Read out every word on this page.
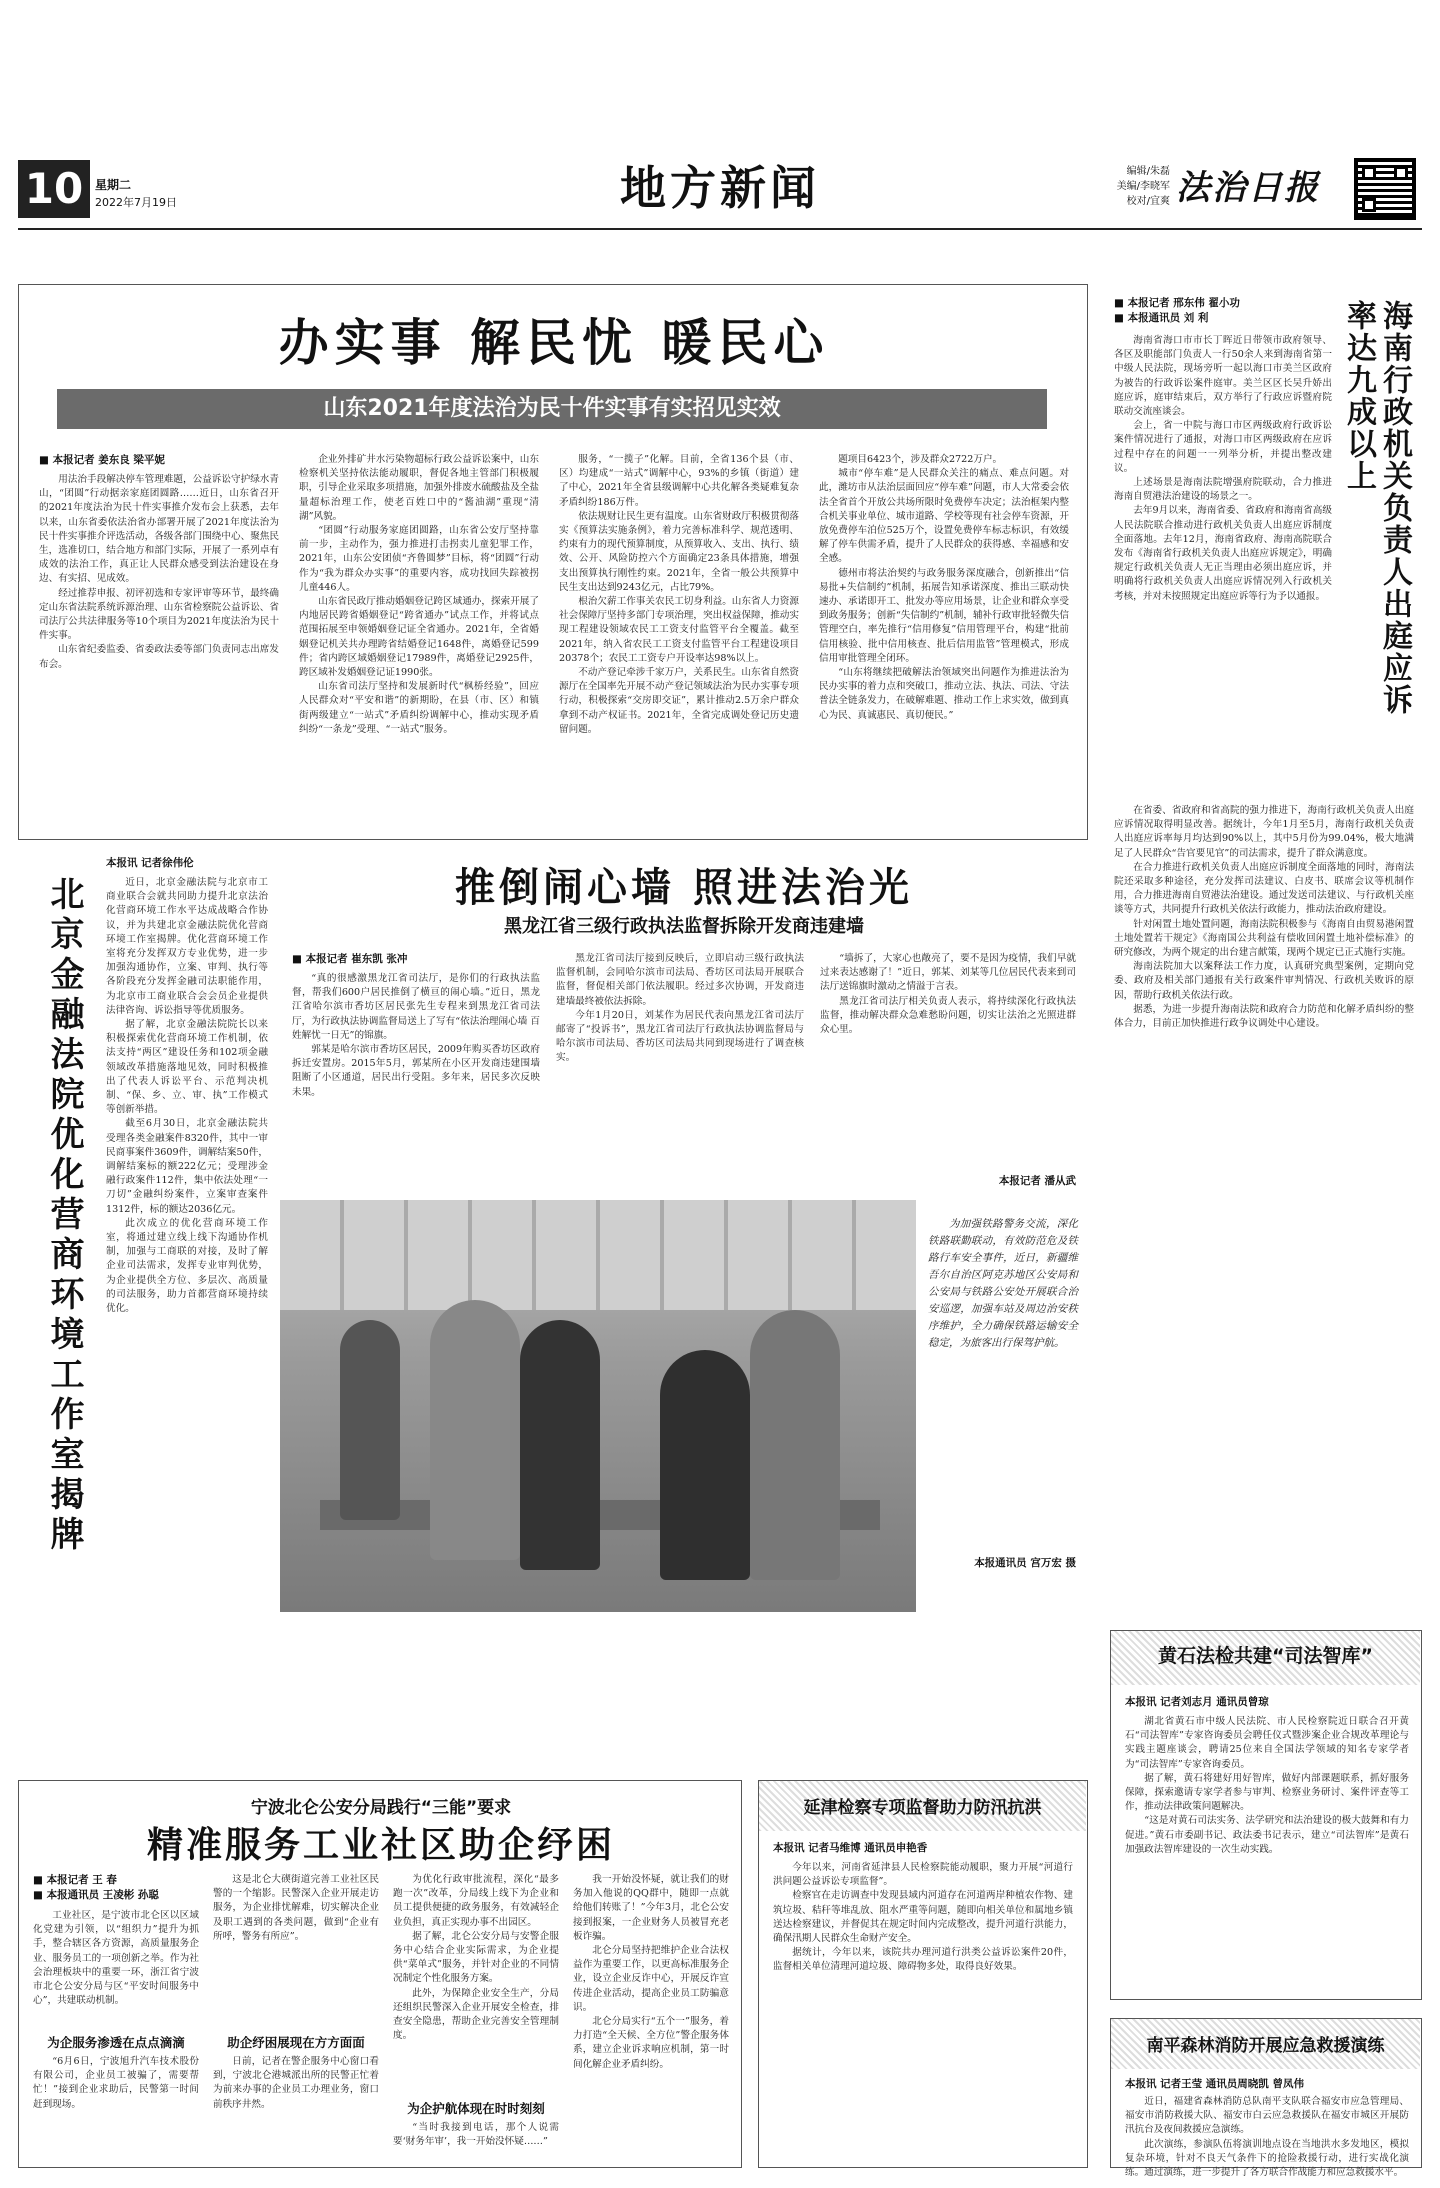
10 星期二
2022年7月19日	地方新闻	编辑/朱磊
美编/李晓军
校对/宜爽 法治日报
办实事 解民忧 暖民心
山东2021年度法治为民十件实事有实招见实效
■ 本报记者 姜东良 梁平妮

用法治手段解决停车管理难题，公益诉讼守护绿水青山，“团圆”行动据亲家庭团圆路……近日，山东省召开的2021年度法治为民十件实事推介发布会上获悉，去年以来，山东省委依法治省办部署开展了2021年度法治为民十件实事推介评选活动，各级各部门围绕中心、聚焦民生，选准切口，结合地方和部门实际，开展了一系列卓有成效的法治工作，真正让人民群众感受到法治建设在身边、有实招、见成效。

经过推荐申报、初评初选和专家评审等环节，最终确定山东省法院系统诉源治理、山东省检察院公益诉讼、省司法厅公共法律服务等10个项目为2021年度法治为民十件实事。

山东省纪委监委、省委政法委等部门负责同志出席发布会。

企业外排矿井水污染物超标行政公益诉讼案中，山东检察机关坚持依法能动履职，督促各地主管部门积极履职，引导企业采取多项措施，加强外排废水硫酸盐及全盐量超标治理工作，使老百姓口中的“酱油湖”重现“清湖”风貌。

“团圆”行动服务家庭团圆路，山东省公安厅坚持靠前一步，主动作为，强力推进打击拐卖儿童犯罪工作，2021年，山东公安团侦“齐鲁圆梦”目标，将“团圆”行动作为“我为群众办实事”的重要内容，成功找回失踪被拐儿童446人。

山东省民政厅推动婚姻登记跨区域通办，探索开展了内地居民跨省婚姻登记“跨省通办”试点工作，并将试点范围拓展至申领婚姻登记证全省通办。2021年，全省婚姻登记机关共办理跨省结婚登记1648件，离婚登记599件；省内跨区域婚姻登记17989件，离婚登记2925件，跨区域补发婚姻登记证1990张。

山东省司法厅坚持和发展新时代“枫桥经验”，回应人民群众对“平安和谐”的新期盼，在县（市、区）和镇街两级建立“一站式”矛盾纠纷调解中心，推动实现矛盾纠纷“一条龙”受理、“一站式”服务。

服务，“一揽子”化解。目前，全省136个县（市、区）均建成“一站式”调解中心，93%的乡镇（街道）建了中心，2021年全省县级调解中心共化解各类疑难复杂矛盾纠纷186万件。

依法规财让民生更有温度。山东省财政厅积极贯彻落实《预算法实施条例》，着力完善标准科学、规范透明、约束有力的现代预算制度，从预算收入、支出、执行、绩效、公开、风险防控六个方面确定23条具体措施，增强支出预算执行刚性约束。2021年，全省一般公共预算中民生支出达到9243亿元，占比79%。

根治欠薪工作事关农民工切身利益。山东省人力资源社会保障厅坚持多部门专项治理，突出权益保障，推动实现工程建设领域农民工工资支付监管平台全覆盖。截至2021年，纳入省农民工工资支付监管平台工程建设项目20378个；农民工工资专户开设率达98%以上。

不动产登记牵涉千家万户，关系民生。山东省自然资源厅在全国率先开展不动产登记领域法治为民办实事专项行动，积极探索“交房即交证”，累计推动2.5万余户群众拿到不动产权证书。2021年，全省完成调处登记历史遗留问题。

题项目6423个，涉及群众2722万户。

城市“停车难”是人民群众关注的痛点、难点问题。对此，潍坊市从法治层面回应“停车难”问题，市人大常委会依法全省首个开放公共场所限时免费停车决定；法治框架内整合机关事业单位、城市道路、学校等现有社会停车资源，开放免费停车泊位525万个，设置免费停车标志标识，有效缓解了停车供需矛盾，提升了人民群众的获得感、幸福感和安全感。

德州市将法治契约与政务服务深度融合，创新推出“信易批+失信制约”机制，拓展告知承诺深度、推出三联动快速办、承诺即开工、批发办等应用场景，让企业和群众享受到政务服务；创新“失信制约”机制，辅补行政审批轻微失信管理空白，率先推行“信用修复”信用管理平台，构建“批前信用核验、批中信用核查、批后信用监管”管理模式，形成信用审批管理全闭环。

“山东将继续把破解法治领域突出问题作为推进法治为民办实事的着力点和突破口，推动立法、执法、司法、守法普法全链条发力，在破解难题、推动工作上求实效，做到真心为民、真诚惠民、真切便民。”

■ 本报记者 邢东伟 翟小功
■ 本报通讯员 刘 利	海南行政机关负责人出庭应诉率达九成以上

海南省海口市市长丁晖近日带领市政府领导、各区及职能部门负责人一行50余人来到海南省第一中级人民法院，现场旁听一起以海口市美兰区政府为被告的行政诉讼案件庭审。美兰区区长吴升娇出庭应诉，庭审结束后，双方举行了行政应诉暨府院联动交流座谈会。

会上，省一中院与海口市区两级政府行政诉讼案件情况进行了通报，对海口市区两级政府在应诉过程中存在的问题一一列举分析，并提出整改建议。

上述场景是海南法院增强府院联动，合力推进海南自贸港法治建设的场景之一。

去年9月以来，海南省委、省政府和海南省高级人民法院联合推动进行政机关负责人出庭应诉制度全面落地。去年12月，海南省政府、海南高院联合发布《海南省行政机关负责人出庭应诉规定》，明确规定行政机关负责人无正当理由必须出庭应诉，并明确将行政机关负责人出庭应诉情况列入行政机关考核，并对未按照规定出庭应诉等行为予以通报。

在省委、省政府和省高院的强力推进下，海南行政机关负责人出庭应诉情况取得明显改善。据统计，今年1月至5月，海南行政机关负责人出庭应诉率每月均达到90%以上，其中5月份为99.04%，极大地满足了人民群众“告官要见官”的司法需求，提升了群众满意度。

在合力推进行政机关负责人出庭应诉制度全面落地的同时，海南法院还采取多种途径，充分发挥司法建议、白皮书、联席会议等机制作用，合力推进海南自贸港法治建设。通过发送司法建议、与行政机关座谈等方式，共同提升行政机关依法行政能力，推动法治政府建设。

针对闲置土地处置问题，海南法院积极参与《海南自由贸易港闲置土地处置若干规定》《海南国公共利益有偿收回闲置土地补偿标准》的研究修改，为两个规定的出台建言献策，现两个规定已正式施行实施。

海南法院加大以案释法工作力度，认真研究典型案例，定期向党委、政府及相关部门通报有关行政案件审判情况、行政机关败诉的原因，帮助行政机关依法行政。

据悉，为进一步提升海南法院和政府合力防范和化解矛盾纠纷的整体合力，目前正加快推进行政争议调处中心建设。

北京金融法院优化营商环境工作室揭牌
本报讯 记者徐伟伦

近日，北京金融法院与北京市工商业联合会就共同助力提升北京法治化营商环境工作水平达成战略合作协议，并为共建北京金融法院优化营商环境工作室揭牌。优化营商环境工作室将充分发挥双方专业优势，进一步加强沟通协作，立案、审判、执行等各阶段充分发挥金融司法职能作用，为北京市工商业联合会会员企业提供法律咨询、诉讼指导等优质服务。

据了解，北京金融法院院长以来积极探索优化营商环境工作机制，依法支持“两区”建设任务和102项金融领域改革措施落地见效，同时积极推出了代表人诉讼平台、示范判决机制、“保、乡、立、审、执”工作模式等创新举措。

截至6月30日，北京金融法院共受理各类金融案件8320件，其中一审民商事案件3609件，调解结案50件，调解结案标的额222亿元；受理涉金融行政案件112件，集中依法处理“一刀切”金融纠纷案件，立案审查案件1312件，标的额达2036亿元。

此次成立的优化营商环境工作室，将通过建立线上线下沟通协作机制，加强与工商联的对接，及时了解企业司法需求，发挥专业审判优势，为企业提供全方位、多层次、高质量的司法服务，助力首都营商环境持续优化。

推倒闹心墙 照进法治光
黑龙江省三级行政执法监督拆除开发商违建墙
■ 本报记者 崔东凯 张冲

“真的很感激黑龙江省司法厅，是你们的行政执法监督，帮我们600户居民推倒了横亘的闹心墙。”近日，黑龙江省哈尔滨市香坊区居民张先生专程来到黑龙江省司法厅，为行政执法协调监督局送上了写有“依法治理闹心墙 百姓解忧一日无”的锦旗。

郭某是哈尔滨市香坊区居民，2009年购买香坊区政府拆迁安置房。2015年5月，郭某所在小区开发商违建围墙阻断了小区通道，居民出行受阻。多年来，居民多次反映未果。

黑龙江省司法厅接到反映后，立即启动三级行政执法监督机制，会同哈尔滨市司法局、香坊区司法局开展联合监督，督促相关部门依法履职。经过多次协调，开发商违建墙最终被依法拆除。

今年1月20日，刘某作为居民代表向黑龙江省司法厅邮寄了“投诉书”，黑龙江省司法厅行政执法协调监督局与哈尔滨市司法局、香坊区司法局共同到现场进行了调查核实。

“墙拆了，大家心也敞亮了，要不是因为疫情，我们早就过来表达感谢了！”近日，郭某、刘某等几位居民代表来到司法厅送锦旗时激动之情溢于言表。

黑龙江省司法厅相关负责人表示，将持续深化行政执法监督，推动解决群众急难愁盼问题，切实让法治之光照进群众心里。

本报记者 潘从武
为加强铁路警务交流，深化铁路联勤联动，有效防范危及铁路行车安全事件，近日，新疆维吾尔自治区阿克苏地区公安局和公安局与铁路公安处开展联合治安巡逻，加强车站及周边治安秩序维护，全力确保铁路运输安全稳定，为旅客出行保驾护航。
本报通讯员 宫万宏 摄
黄石法检共建“司法智库”
本报讯 记者刘志月 通讯员曾琼

湖北省黄石市中级人民法院、市人民检察院近日联合召开黄石“司法智库”专家咨询委员会聘任仪式暨涉案企业合规改革理论与实践主题座谈会，聘请25位来自全国法学领域的知名专家学者为“司法智库”专家咨询委员。

据了解，黄石将建好用好智库，做好内部课题联系，抓好服务保障，探索邀请专家学者参与审判、检察业务研讨、案件评查等工作，推动法律政策问题解决。

“这是对黄石司法实务、法学研究和法治建设的极大鼓舞和有力促进。”黄石市委副书记、政法委书记表示，建立“司法智库”是黄石加强政法智库建设的一次生动实践。

南平森林消防开展应急救援演练
本报讯 记者王莹 通讯员周晓凯 曾凤伟

近日，福建省森林消防总队南平支队联合福安市应急管理局、福安市消防救援大队、福安市白云应急救援队在福安市城区开展防汛抗台及夜间救援应急演练。

此次演练，参演队伍将演训地点设在当地洪水多发地区，模拟复杂环境，针对不良天气条件下的抢险救援行动，进行实战化演练。通过演练，进一步提升了各方联合作战能力和应急救援水平。

延津检察专项监督助力防汛抗洪
本报讯 记者马维博 通讯员申艳香

今年以来，河南省延津县人民检察院能动履职，聚力开展“河道行洪问题公益诉讼专项监督”。

检察官在走访调查中发现县域内河道存在河道两岸种植农作物、建筑垃圾、秸秆等堆乱放、阻水严重等问题，随即向相关单位和属地乡镇送达检察建议，并督促其在规定时间内完成整改，提升河道行洪能力，确保汛期人民群众生命财产安全。

据统计，今年以来，该院共办理河道行洪类公益诉讼案件20件，监督相关单位清理河道垃圾、障碍物多处，取得良好效果。

宁波北仑公安分局践行“三能”要求
精准服务工业社区助企纾困
■ 本报记者 王 春
■ 本报通讯员 王凌彬 孙聪

工业社区，是宁波市北仑区以区域化党建为引领，以“组织力”提升为抓手，整合辖区各方资源，高质量服务企业、服务员工的一项创新之举。作为社会治理板块中的重要一环，浙江省宁波市北仑公安分局与区“平安时间服务中心”，共建联动机制。

为企服务渗透在点点滴滴

“6月6日，宁波旭升汽车技术股份有限公司，企业员工被骗了，需要帮忙！”接到企业求助后，民警第一时间赶到现场。

这是北仑大碶街道完善工业社区民警的一个缩影。民警深入企业开展走访服务，为企业排忧解难，切实解决企业及职工遇到的各类问题，做到“企业有所呼，警务有所应”。

助企纾困展现在方方面面

日前，记者在警企服务中心窗口看到，宁波北仑港城派出所的民警正忙着为前来办事的企业员工办理业务，窗口前秩序井然。

为优化行政审批流程，深化“最多跑一次”改革，分局线上线下为企业和员工提供便捷的政务服务，有效减轻企业负担，真正实现办事不出园区。

据了解，北仑公安分局与安警企服务中心结合企业实际需求，为企业提供“菜单式”服务，并针对企业的不同情况制定个性化服务方案。

此外，为保障企业安全生产，分局还组织民警深入企业开展安全检查，排查安全隐患，帮助企业完善安全管理制度。

为企护航体现在时时刻刻

“当时我接到电话，那个人说需要‘财务年审’，我一开始没怀疑……”

我一开始没怀疑，就让我们的财务加入他说的QQ群中，随即一点就给他们转账了！”今年3月，北仑公安接到报案，一企业财务人员被冒充老板诈骗。

北仑分局坚持把维护企业合法权益作为重要工作，以更高标准服务企业，设立企业反诈中心，开展反诈宣传进企业活动，提高企业员工防骗意识。

北仑分局实行“五个一”服务，着力打造“全天候、全方位”警企服务体系，建立企业诉求响应机制，第一时间化解企业矛盾纠纷。
